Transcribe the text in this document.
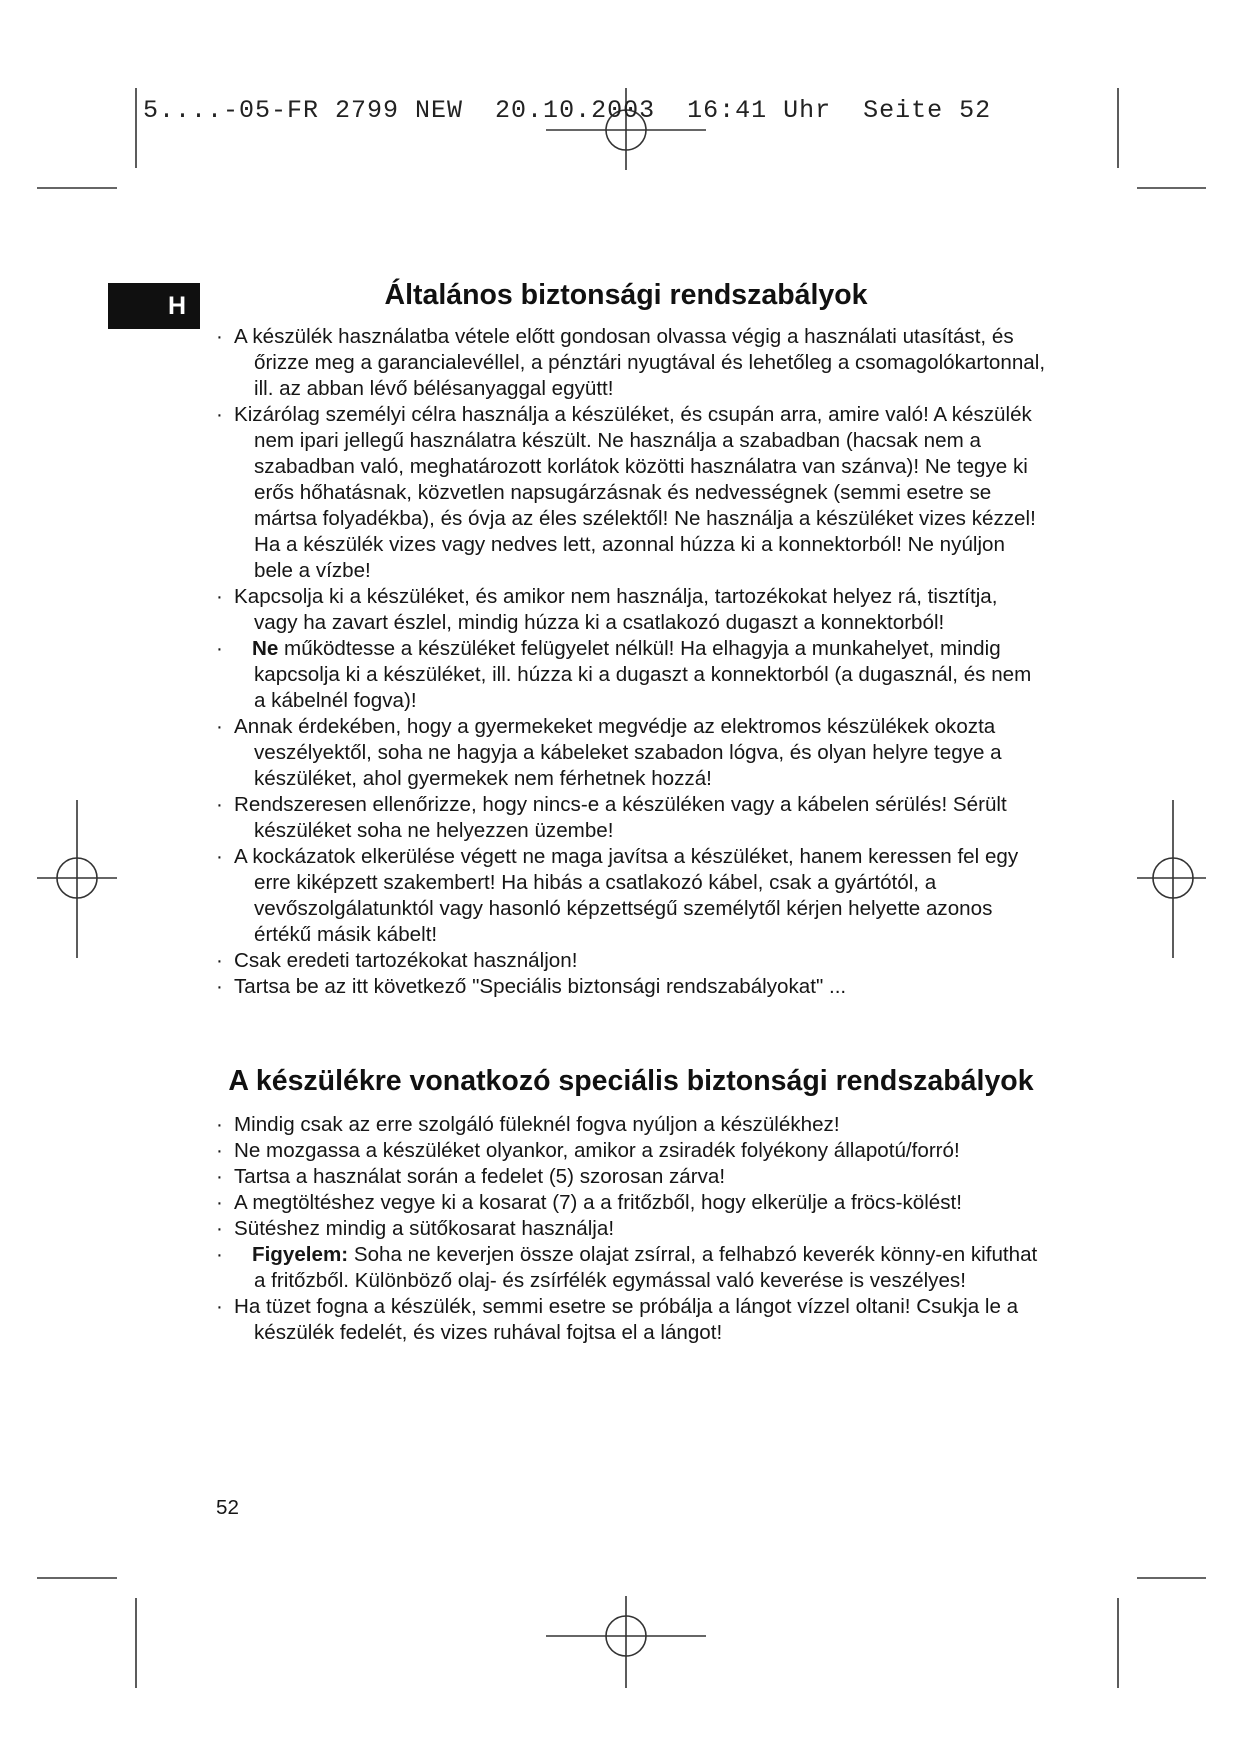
5....-05-FR 2799 NEW  20.10.2003  16:41 Uhr  Seite 52
H	Általános biztonsági rendszabályok
· A készülék használatba vétele előtt gondosan olvassa végig a használati utasítást, és őrizze meg a garancialevéllel, a pénztári nyugtával és lehetőleg a csomagolókartonnal, ill. az abban lévő bélésanyaggal együtt!
· Kizárólag személyi célra használja a készüléket, és csupán arra, amire való! A készülék nem ipari jellegű használatra készült. Ne használja a szabadban (hacsak nem a szabadban való, meghatározott korlátok közötti használatra van szánva)! Ne tegye ki erős hőhatásnak, közvetlen napsugárzásnak és nedvességnek (semmi esetre se mártsa folyadékba), és óvja az éles szélektől! Ne használja a készüléket vizes kézzel! Ha a készülék vizes vagy nedves lett, azonnal húzza ki a konnektorból! Ne nyúljon bele a vízbe!
· Kapcsolja ki a készüléket, és amikor nem használja, tartozékokat helyez rá, tisztítja, vagy ha zavart észlel, mindig húzza ki a csatlakozó dugaszt a konnektorból!
· Ne működtesse a készüléket felügyelet nélkül! Ha elhagyja a munkahelyet, mindig kapcsolja ki a készüléket, ill. húzza ki a dugaszt a konnektorból (a dugasznál, és nem a kábelnél fogva)!
· Annak érdekében, hogy a gyermekeket megvédje az elektromos készülékek okozta veszélyektől, soha ne hagyja a kábeleket szabadon lógva, és olyan helyre tegye a készüléket, ahol gyermekek nem férhetnek hozzá!
· Rendszeresen ellenőrizze, hogy nincs-e a készüléken vagy a kábelen sérülés! Sérült készüléket soha ne helyezzen üzembe!
· A kockázatok elkerülése végett ne maga javítsa a készüléket, hanem keressen fel egy erre kiképzett szakembert! Ha hibás a csatlakozó kábel, csak a gyártótól, a vevőszolgálatunktól vagy hasonló képzettségű személytől kérjen helyette azonos értékű másik kábelt!
· Csak eredeti tartozékokat használjon!
· Tartsa be az itt következő "Speciális biztonsági rendszabályokat" ...
A készülékre vonatkozó speciális biztonsági rendszabályok
· Mindig csak az erre szolgáló füleknél fogva nyúljon a készülékhez!
· Ne mozgassa a készüléket olyankor, amikor a zsiradék folyékony állapotú/forró!
· Tartsa a használat során a fedelet (5) szorosan zárva!
· A megtöltéshez vegye ki a kosarat (7) a a fritőzből, hogy elkerülje a fröcs-kölést!
· Sütéshez mindig a sütőkosarat használja!
· Figyelem: Soha ne keverjen össze olajat zsírral, a felhabzó keverék könny-en kifuthat a fritőzből. Különböző olaj- és zsírfélék egymással való keverése is veszélyes!
· Ha tüzet fogna a készülék, semmi esetre se próbálja a lángot vízzel oltani! Csukja le a készülék fedelét, és vizes ruhával fojtsa el a lángot!
52
